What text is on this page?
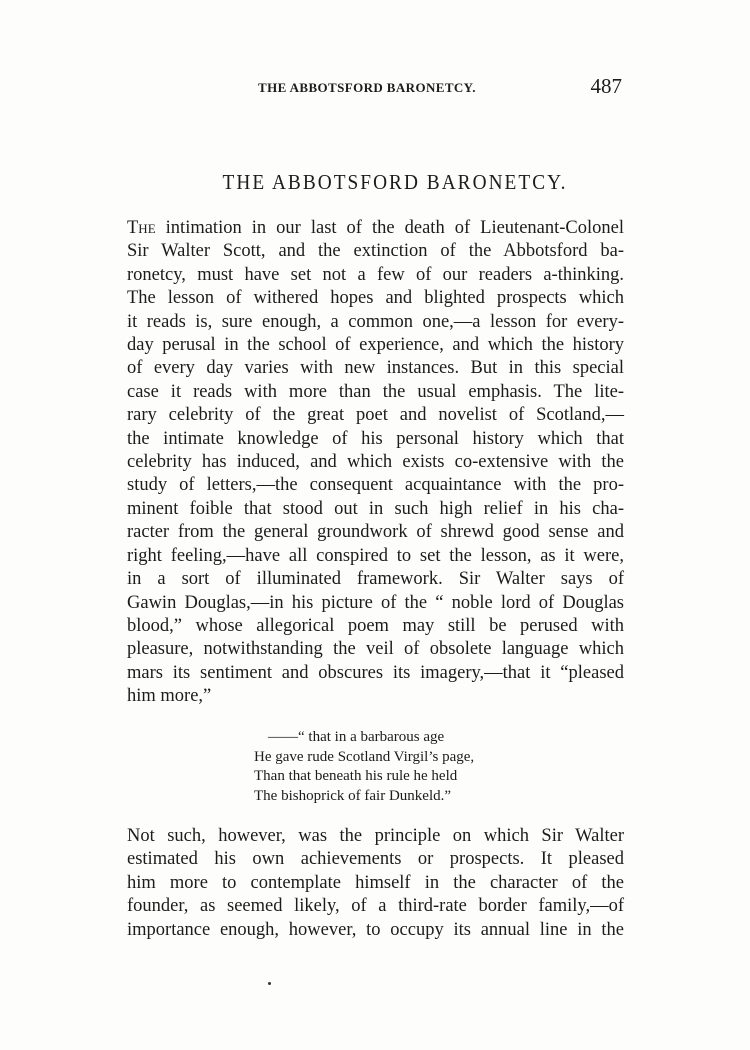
THE ABBOTSFORD BARONETCY.	487
THE ABBOTSFORD BARONETCY.
The intimation in our last of the death of Lieutenant-Colonel
Sir Walter Scott, and the extinction of the Abbotsford ba-
ronetcy, must have set not a few of our readers a-thinking.
The lesson of withered hopes and blighted prospects which
it reads is, sure enough, a common one,—a lesson for every-
day perusal in the school of experience, and which the history
of every day varies with new instances. But in this special
case it reads with more than the usual emphasis. The lite-
rary celebrity of the great poet and novelist of Scotland,—
the intimate knowledge of his personal history which that
celebrity has induced, and which exists co-extensive with the
study of letters,—the consequent acquaintance with the pro-
minent foible that stood out in such high relief in his cha-
racter from the general groundwork of shrewd good sense and
right feeling,—have all conspired to set the lesson, as it were,
in a sort of illuminated framework. Sir Walter says of
Gawin Douglas,—in his picture of the “ noble lord of Douglas
blood,” whose allegorical poem may still be perused with
pleasure, notwithstanding the veil of obsolete language which
mars its sentiment and obscures its imagery,—that it “pleased
him more,”
——“ that in a barbarous age
He gave rude Scotland Virgil’s page,
Than that beneath his rule he held
The bishoprick of fair Dunkeld.”
Not such, however, was the principle on which Sir Walter
estimated his own achievements or prospects. It pleased
him more to contemplate himself in the character of the
founder, as seemed likely, of a third-rate border family,—of
importance enough, however, to occupy its annual line in the
